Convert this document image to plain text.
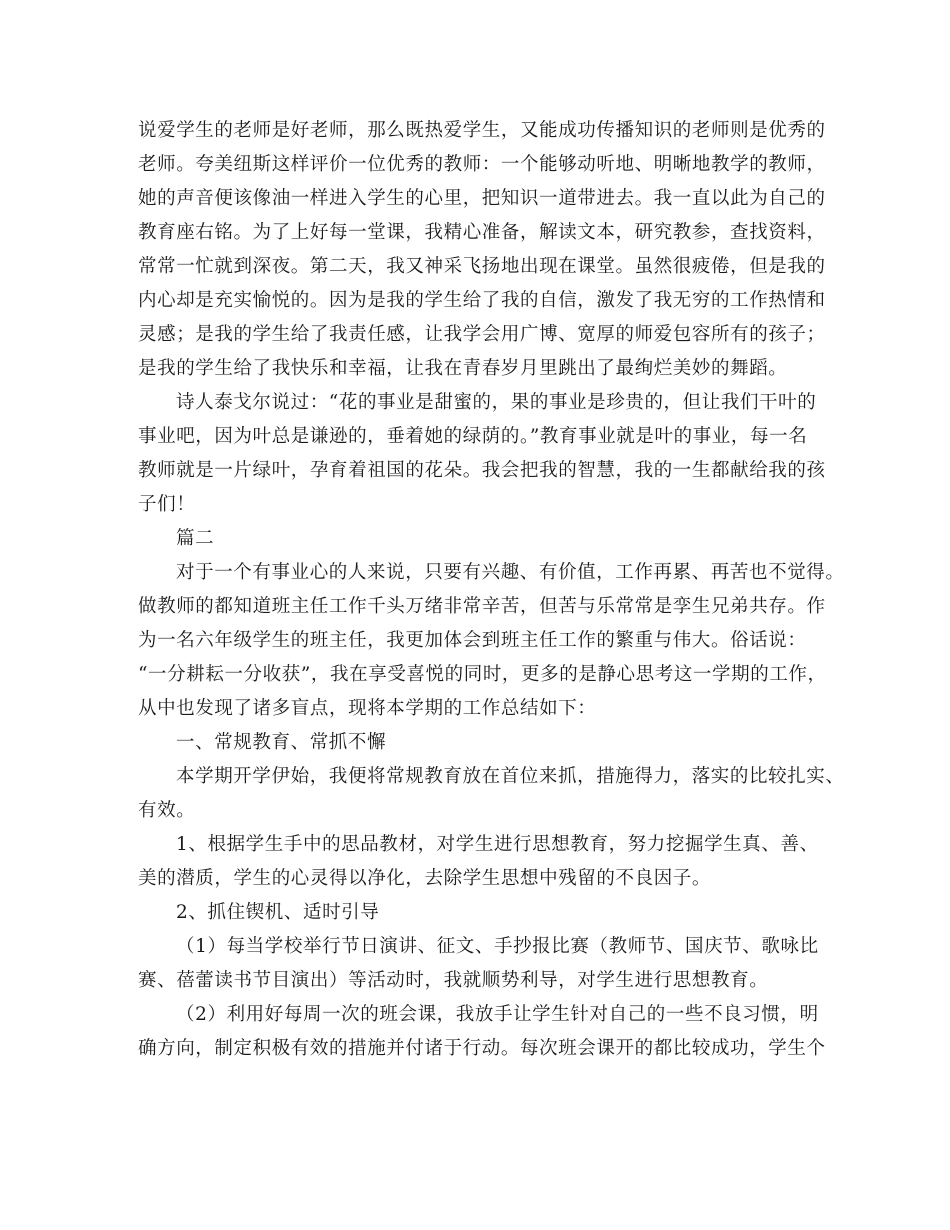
说爱学生的老师是好老师，那么既热爱学生，又能成功传播知识的老师则是优秀的
老师。夸美纽斯这样评价一位优秀的教师：一个能够动听地、明晰地教学的教师，
她的声音便该像油一样进入学生的心里，把知识一道带进去。我一直以此为自己的
教育座右铭。为了上好每一堂课，我精心准备，解读文本，研究教参，查找资料，
常常一忙就到深夜。第二天，我又神采飞扬地出现在课堂。虽然很疲倦，但是我的
内心却是充实愉悦的。因为是我的学生给了我的自信，激发了我无穷的工作热情和
灵感；是我的学生给了我责任感，让我学会用广博、宽厚的师爱包容所有的孩子；
是我的学生给了我快乐和幸福，让我在青春岁月里跳出了最绚烂美妙的舞蹈。
诗人泰戈尔说过：“花的事业是甜蜜的，果的事业是珍贵的，但让我们干叶的
事业吧，因为叶总是谦逊的，垂着她的绿荫的。”教育事业就是叶的事业，每一名
教师就是一片绿叶，孕育着祖国的花朵。我会把我的智慧，我的一生都献给我的孩
子们！
篇二
对于一个有事业心的人来说，只要有兴趣、有价值，工作再累、再苦也不觉得。
做教师的都知道班主任工作千头万绪非常辛苦，但苦与乐常常是孪生兄弟共存。作
为一名六年级学生的班主任，我更加体会到班主任工作的繁重与伟大。俗话说：
“一分耕耘一分收获”，我在享受喜悦的同时，更多的是静心思考这一学期的工作，
从中也发现了诸多盲点，现将本学期的工作总结如下：
一、常规教育、常抓不懈
本学期开学伊始，我便将常规教育放在首位来抓，措施得力，落实的比较扎实、
有效。
1、根据学生手中的思品教材，对学生进行思想教育，努力挖掘学生真、善、
美的潜质，学生的心灵得以净化，去除学生思想中残留的不良因子。
2、抓住锲机、适时引导
（1）每当学校举行节日演讲、征文、手抄报比赛（教师节、国庆节、歌咏比
赛、蓓蕾读书节目演出）等活动时，我就顺势利导，对学生进行思想教育。
（2）利用好每周一次的班会课，我放手让学生针对自己的一些不良习惯，明
确方向，制定积极有效的措施并付诸于行动。每次班会课开的都比较成功，学生个
